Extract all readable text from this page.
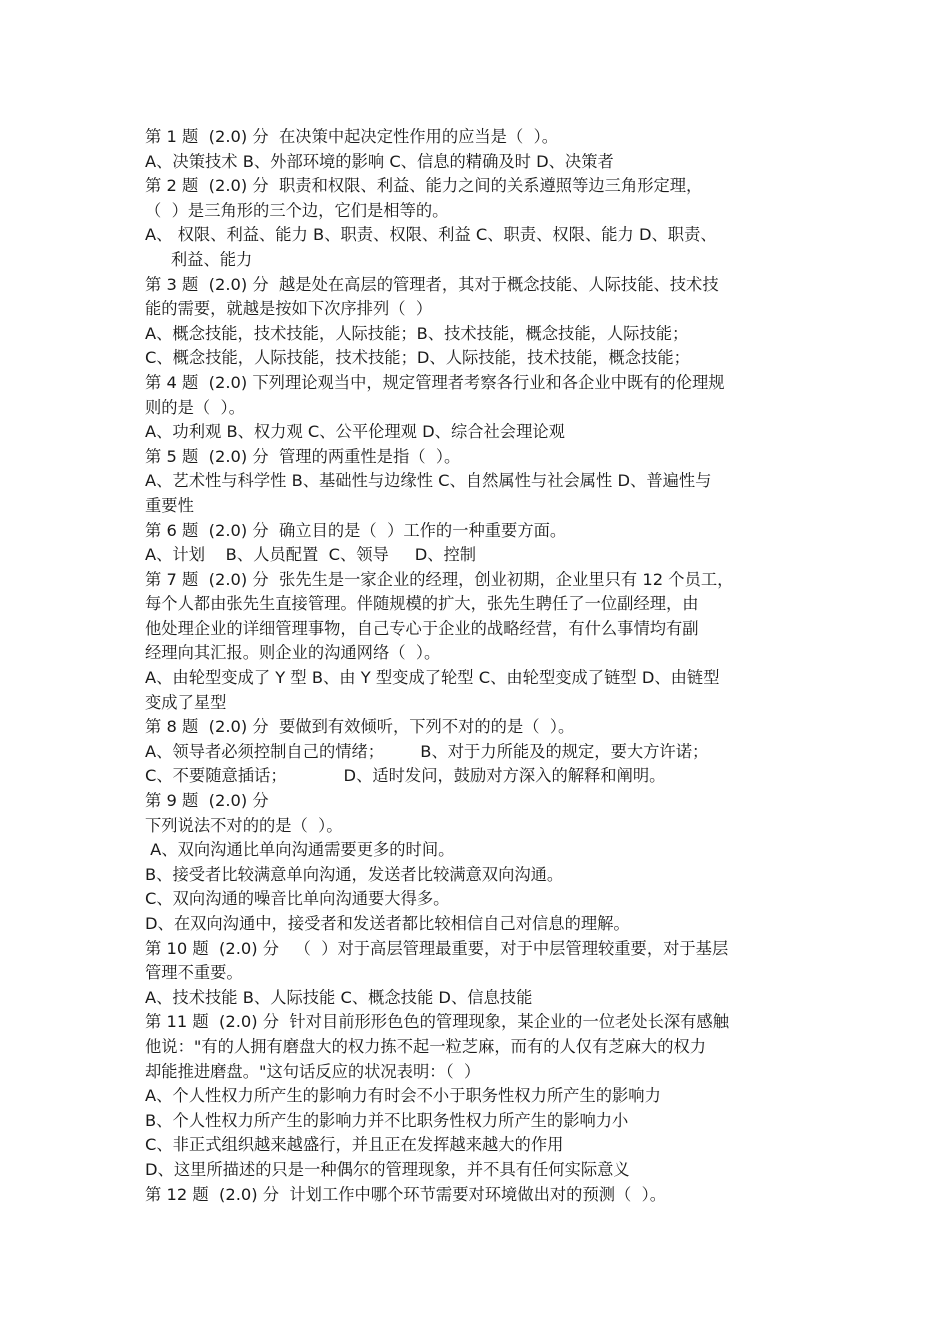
第 1 题  (2.0) 分  在决策中起决定性作用的应当是（  ）。
A、决策技术 B、外部环境的影响 C、信息的精确及时 D、决策者
第 2 题  (2.0) 分  职责和权限、利益、能力之间的关系遵照等边三角形定理，
（  ）是三角形的三个边，它们是相等的。
A、 权限、利益、能力 B、职责、权限、利益 C、职责、权限、能力 D、职责、
利益、能力
第 3 题  (2.0) 分  越是处在高层的管理者，其对于概念技能、人际技能、技术技
能的需要，就越是按如下次序排列（  ）
A、概念技能，技术技能，人际技能；B、技术技能，概念技能，人际技能；
C、概念技能，人际技能，技术技能；D、人际技能，技术技能，概念技能；
第 4 题  (2.0) 下列理论观当中，规定管理者考察各行业和各企业中既有的伦理规
则的是（  ）。
A、功利观 B、权力观 C、公平伦理观 D、综合社会理论观
第 5 题  (2.0) 分  管理的两重性是指（  ）。
A、艺术性与科学性 B、基础性与边缘性 C、自然属性与社会属性 D、普遍性与
重要性
第 6 题  (2.0) 分  确立目的是（  ）工作的一种重要方面。
A、计划    B、人员配置  C、领导     D、控制
第 7 题  (2.0) 分  张先生是一家企业的经理，创业初期，企业里只有 12 个员工，
每个人都由张先生直接管理。伴随规模的扩大，张先生聘任了一位副经理，由
他处理企业的详细管理事物，自己专心于企业的战略经营，有什么事情均有副
经理向其汇报。则企业的沟通网络（  ）。
A、由轮型变成了 Y 型 B、由 Y 型变成了轮型 C、由轮型变成了链型 D、由链型
变成了星型
第 8 题  (2.0) 分  要做到有效倾听，下列不对的的是（  ）。
A、领导者必须控制自己的情绪；       B、对于力所能及的规定，要大方许诺；
C、不要随意插话；           D、适时发问，鼓励对方深入的解释和阐明。
第 9 题  (2.0) 分
下列说法不对的的是（  ）。
A、双向沟通比单向沟通需要更多的时间。
B、接受者比较满意单向沟通，发送者比较满意双向沟通。
C、双向沟通的噪音比单向沟通要大得多。
D、在双向沟通中，接受者和发送者都比较相信自己对信息的理解。
第 10 题  (2.0) 分   （  ）对于高层管理最重要，对于中层管理较重要，对于基层
管理不重要。
A、技术技能 B、人际技能 C、概念技能 D、信息技能
第 11 题  (2.0) 分  针对目前形形色色的管理现象，某企业的一位老处长深有感触
他说："有的人拥有磨盘大的权力拣不起一粒芝麻，而有的人仅有芝麻大的权力
却能推进磨盘。"这句话反应的状况表明：（  ）
A、个人性权力所产生的影响力有时会不小于职务性权力所产生的影响力
B、个人性权力所产生的影响力并不比职务性权力所产生的影响力小
C、非正式组织越来越盛行，并且正在发挥越来越大的作用
D、这里所描述的只是一种偶尔的管理现象，并不具有任何实际意义
第 12 题  (2.0) 分  计划工作中哪个环节需要对环境做出对的预测（  ）。
